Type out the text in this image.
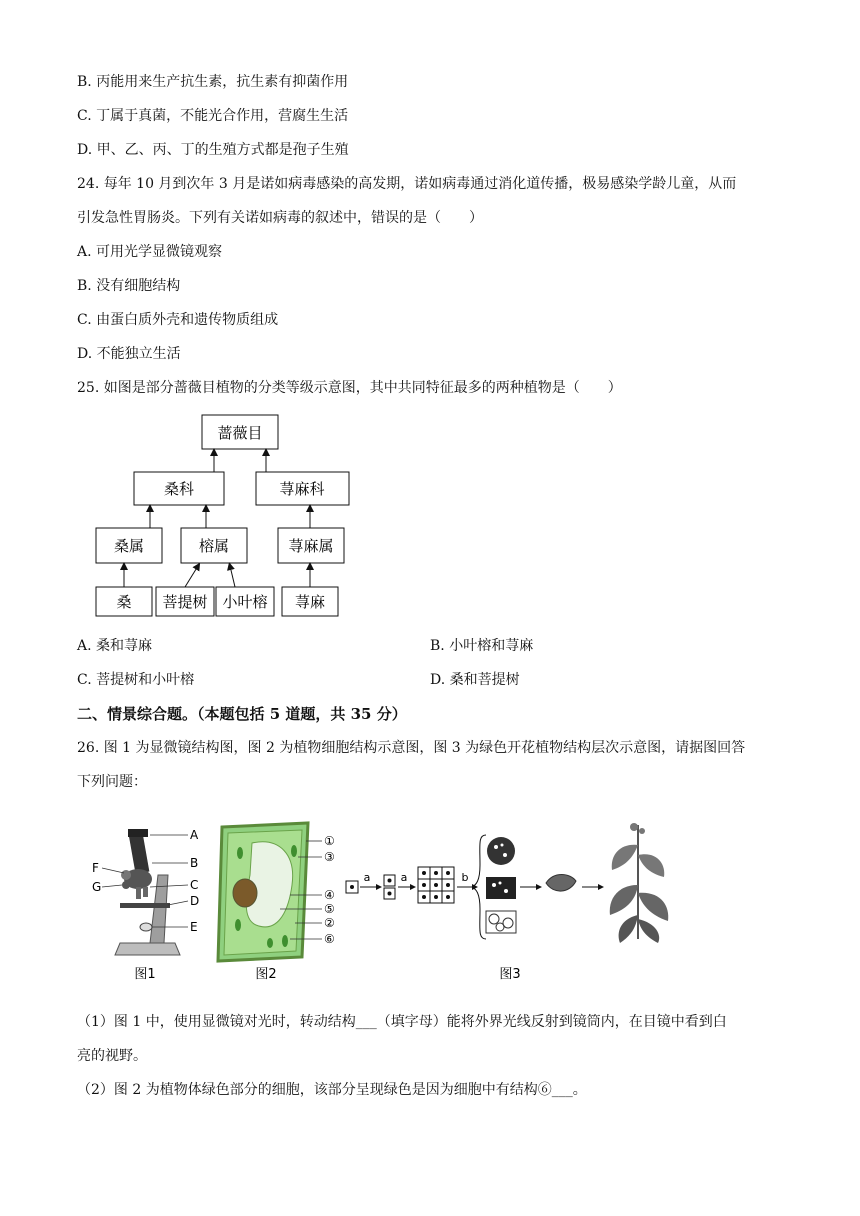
B. 丙能用来生产抗生素，抗生素有抑菌作用
C. 丁属于真菌，不能光合作用，营腐生生活
D. 甲、乙、丙、丁的生殖方式都是孢子生殖
24. 每年 10 月到次年 3 月是诺如病毒感染的高发期，诺如病毒通过消化道传播，极易感染学龄儿童，从而
引发急性胃肠炎。下列有关诺如病毒的叙述中，错误的是（　　）
A. 可用光学显微镜观察
B. 没有细胞结构
C. 由蛋白质外壳和遗传物质组成
D. 不能独立生活
25. 如图是部分蔷薇目植物的分类等级示意图，其中共同特征最多的两种植物是（　　）
蔷薇目
桑科	荨麻科
桑属	榕属	荨麻属
桑 菩提树 小叶榕 荨麻
A. 桑和荨麻	B. 小叶榕和荨麻
C. 菩提树和小叶榕	D. 桑和菩提树
二、情景综合题。（本题包括 5 道题，共 35 分）
26. 图 1 为显微镜结构图，图 2 为植物细胞结构示意图，图 3 为绿色开花植物结构层次示意图，请据图回答
下列问题：
A
B
C
D
E
F
G
图1
①
③
④
⑤
②
⑥
图2
a	a	b
图3
（1）图 1 中，使用显微镜对光时，转动结构___（填字母）能将外界光线反射到镜筒内，在目镜中看到白
亮的视野。
（2）图 2 为植物体绿色部分的细胞，该部分呈现绿色是因为细胞中有结构⑥___。
